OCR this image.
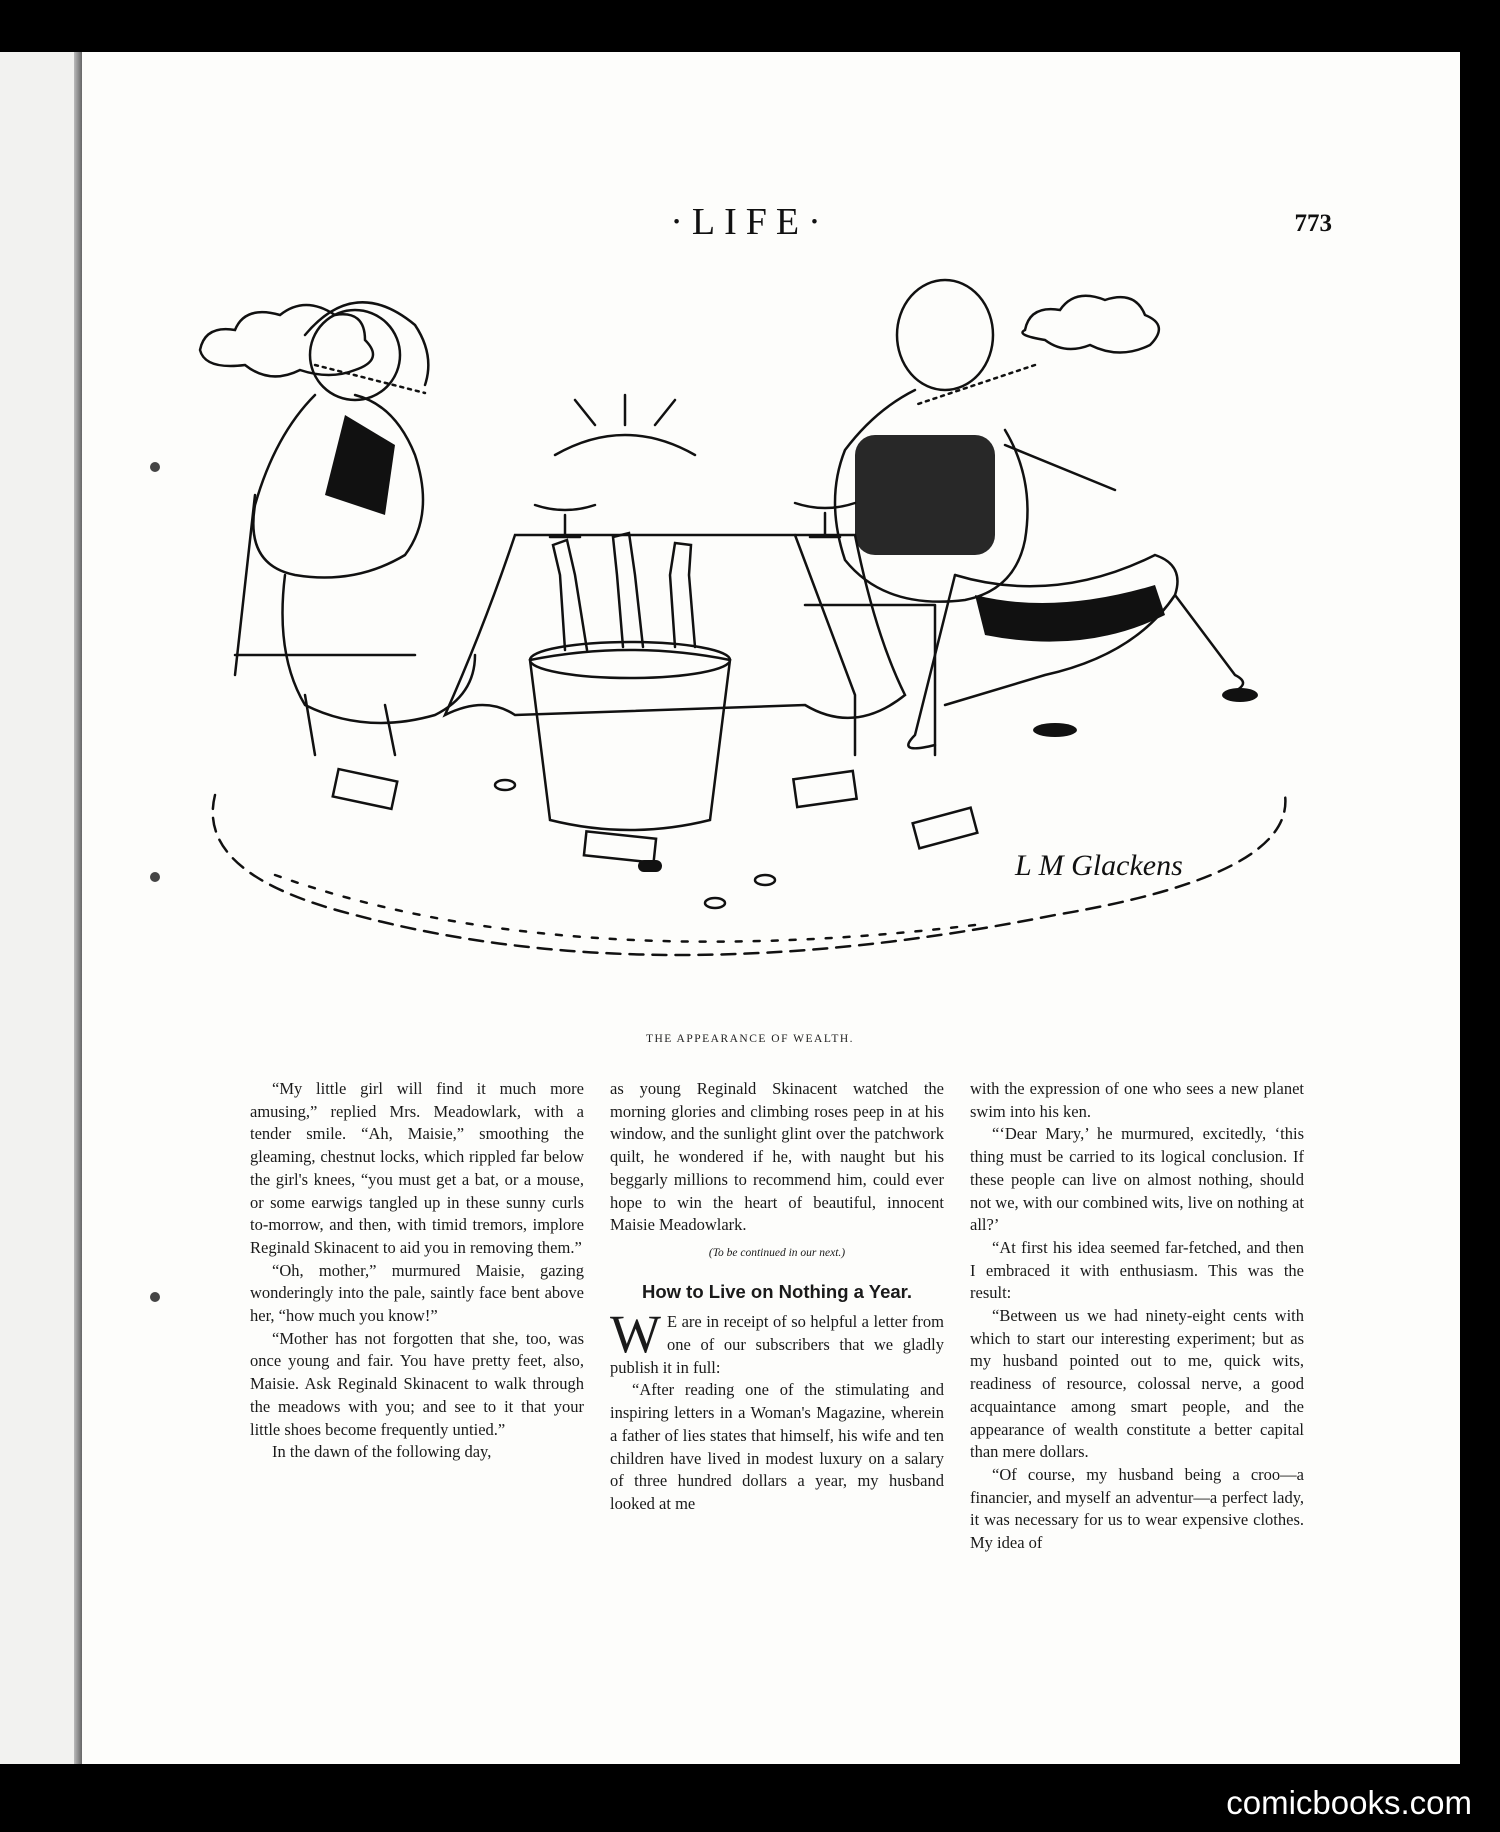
·LIFE·	773
L M Glackens
THE APPEARANCE OF WEALTH.

“My little girl will find it much more amusing,” replied Mrs. Meadowlark, with a tender smile. “Ah, Maisie,” smoothing the gleaming, chestnut locks, which rippled far below the girl's knees, “you must get a bat, or a mouse, or some earwigs tangled up in these sunny curls to-morrow, and then, with timid tremors, implore Reginald Skinacent to aid you in removing them.”

“Oh, mother,” murmured Maisie, gazing wonderingly into the pale, saintly face bent above her, “how much you know!”

“Mother has not forgotten that she, too, was once young and fair. You have pretty feet, also, Maisie. Ask Reginald Skinacent to walk through the meadows with you; and see to it that your little shoes become frequently untied.”

In the dawn of the following day,

as young Reginald Skinacent watched the morning glories and climbing roses peep in at his window, and the sunlight glint over the patchwork quilt, he wondered if he, with naught but his beggarly millions to recommend him, could ever hope to win the heart of beautiful, innocent Maisie Meadowlark.

(To be continued in our next.)

How to Live on Nothing a Year.

W E are in receipt of so helpful a letter from one of our subscribers that we gladly publish it in full:

“After reading one of the stimulating and inspiring letters in a Woman's Magazine, wherein a father of lies states that himself, his wife and ten children have lived in modest luxury on a salary of three hundred dollars a year, my husband looked at me

with the expression of one who sees a new planet swim into his ken.

“‘Dear Mary,’ he murmured, excitedly, ‘this thing must be carried to its logical conclusion. If these people can live on almost nothing, should not we, with our combined wits, live on nothing at all?’

“At first his idea seemed far-fetched, and then I embraced it with enthusiasm. This was the result:

“Between us we had ninety-eight cents with which to start our interesting experiment; but as my husband pointed out to me, quick wits, readiness of resource, colossal nerve, a good acquaintance among smart people, and the appearance of wealth constitute a better capital than mere dollars.

“Of course, my husband being a croo—a financier, and myself an adventur—a perfect lady, it was necessary for us to wear expensive clothes. My idea of

comicbooks.com
